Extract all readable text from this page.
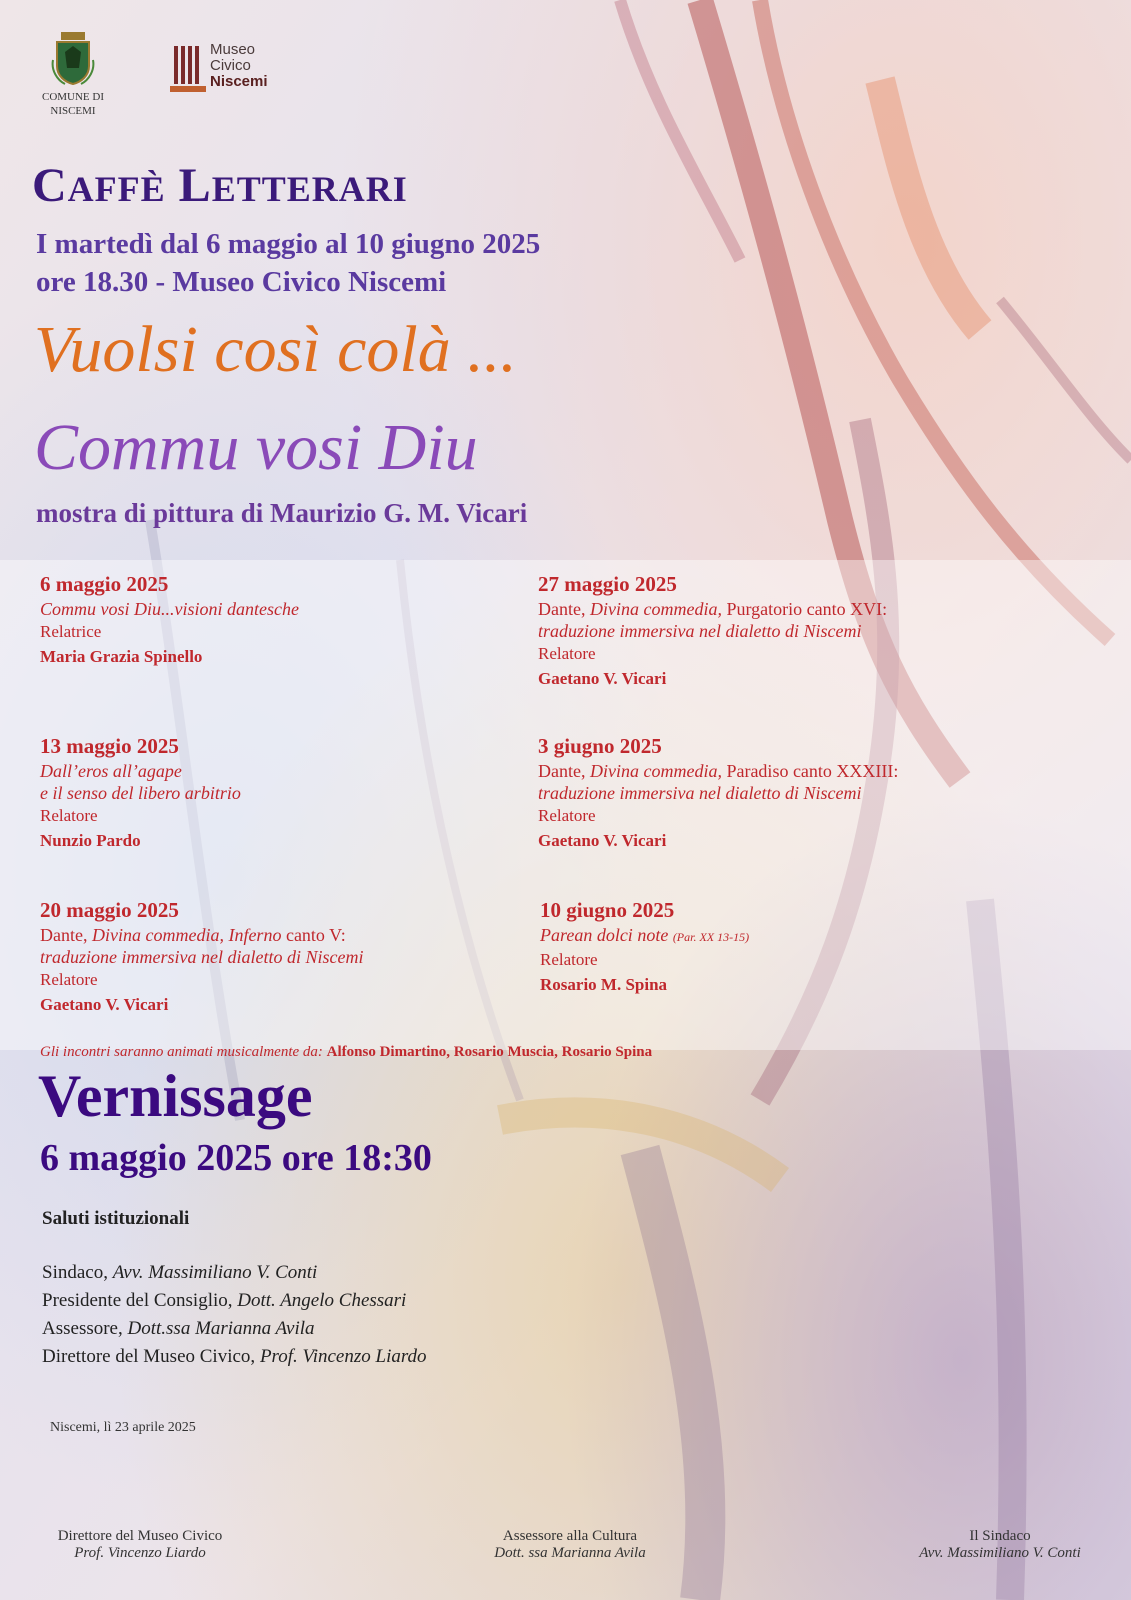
COMUNE DI
NISCEMI
Museo
Civico
Niscemi
CAFFÈ LETTERARI
I martedì dal 6 maggio al 10 giugno 2025
ore 18.30 - Museo Civico Niscemi
Vuolsi così colà ...
Commu vosi Diu
mostra di pittura di Maurizio G. M. Vicari
6 maggio 2025
Commu vosi Diu...visioni dantesche
Relatrice
Maria Grazia Spinello
27 maggio 2025
Dante, Divina commedia, Purgatorio canto XVI:
traduzione immersiva nel dialetto di Niscemi
Relatore
Gaetano V. Vicari
13 maggio 2025
Dall’eros all’agape
e il senso del libero arbitrio
Relatore
Nunzio Pardo
3 giugno 2025
Dante, Divina commedia, Paradiso canto XXXIII:
traduzione immersiva nel dialetto di Niscemi
Relatore
Gaetano V. Vicari
20 maggio 2025
Dante, Divina commedia, Inferno canto V:
traduzione immersiva nel dialetto di Niscemi
Relatore
Gaetano V. Vicari
10 giugno 2025
Parean dolci note (Par. XX 13-15)
Relatore
Rosario M. Spina
Gli incontri saranno animati musicalmente da: Alfonso Dimartino, Rosario Muscia, Rosario Spina
Vernissage
6 maggio 2025 ore 18:30
Saluti istituzionali
Sindaco, Avv. Massimiliano V. Conti
Presidente del Consiglio, Dott. Angelo Chessari
Assessore, Dott.ssa Marianna Avila
Direttore del Museo Civico, Prof. Vincenzo Liardo
Niscemi, lì 23 aprile 2025
Direttore del Museo Civico
Prof. Vincenzo Liardo
Assessore alla Cultura
Dott. ssa Marianna Avila
Il Sindaco
Avv. Massimiliano V. Conti
